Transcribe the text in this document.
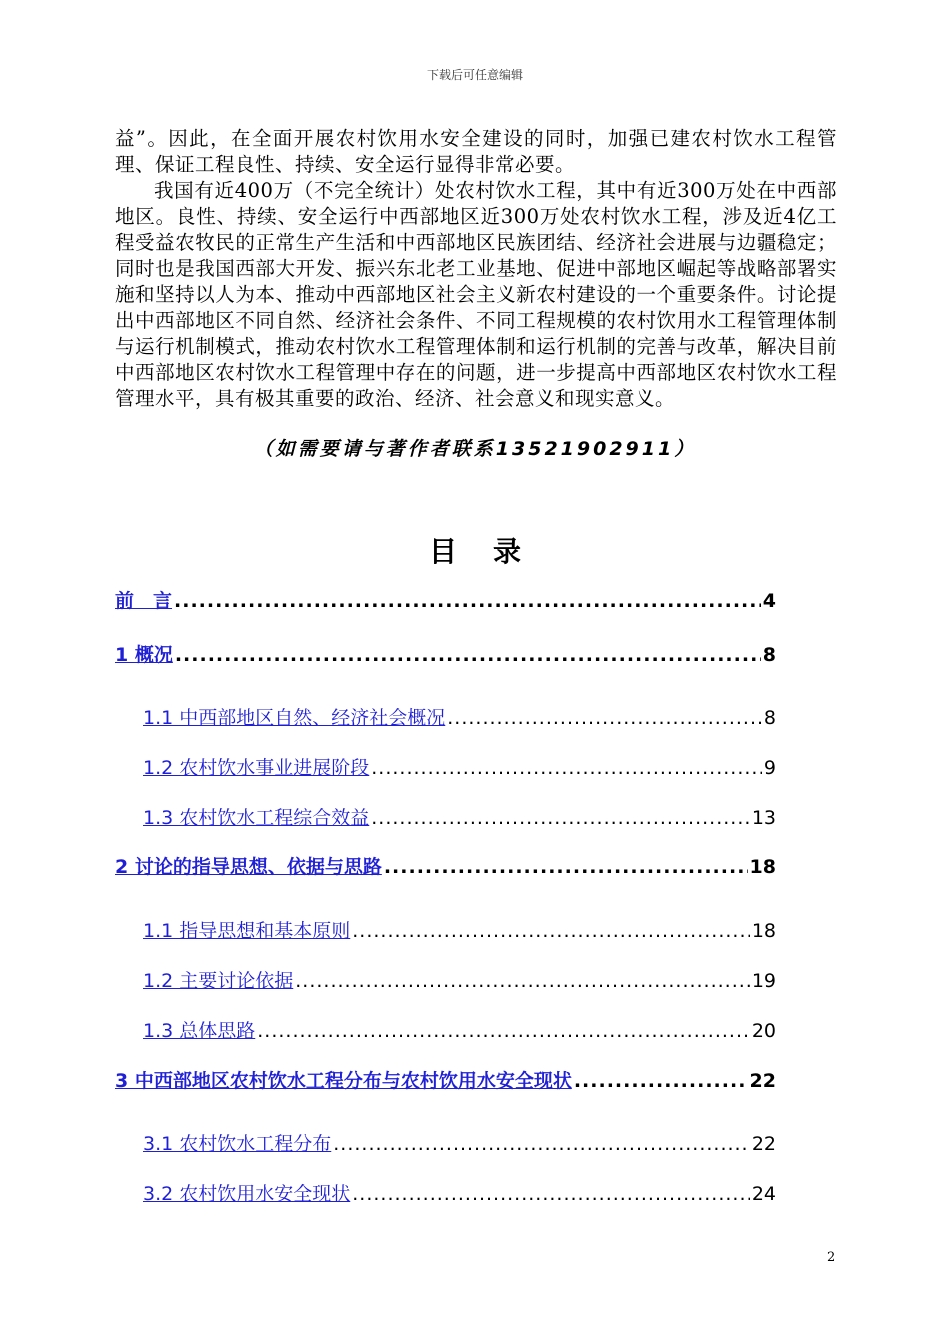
下载后可任意编辑

益”。因此，在全面开展农村饮用水安全建设的同时，加强已建农村饮水工程管理、保证工程良性、持续、安全运行显得非常必要。

我国有近400万（不完全统计）处农村饮水工程，其中有近300万处在中西部地区。良性、持续、安全运行中西部地区近300万处农村饮水工程，涉及近4亿工程受益农牧民的正常生产生活和中西部地区民族团结、经济社会进展与边疆稳定；同时也是我国西部大开发、振兴东北老工业基地、促进中部地区崛起等战略部署实施和坚持以人为本、推动中西部地区社会主义新农村建设的一个重要条件。讨论提出中西部地区不同自然、经济社会条件、不同工程规模的农村饮用水工程管理体制与运行机制模式，推动农村饮水工程管理体制和运行机制的完善与改革，解决目前中西部地区农村饮水工程管理中存在的问题，进一步提高中西部地区农村饮水工程管理水平，具有极其重要的政治、经济、社会意义和现实意义。

（如需要请与著作者联系13521902911）
目录
前　言 .....	4
1 概况 .....	8
1.1 中西部地区自然、经济社会概况 .....	8
1.2 农村饮水事业进展阶段 .....	9
1.3 农村饮水工程综合效益 .....	13
2 讨论的指导思想、依据与思路 .....	18
1.1 指导思想和基本原则 .....	18
1.2 主要讨论依据 .....	19
1.3 总体思路 .....	20
3 中西部地区农村饮水工程分布与农村饮用水安全现状 .....	22
3.1 农村饮水工程分布 .....	22
3.2 农村饮用水安全现状 .....	24
2
